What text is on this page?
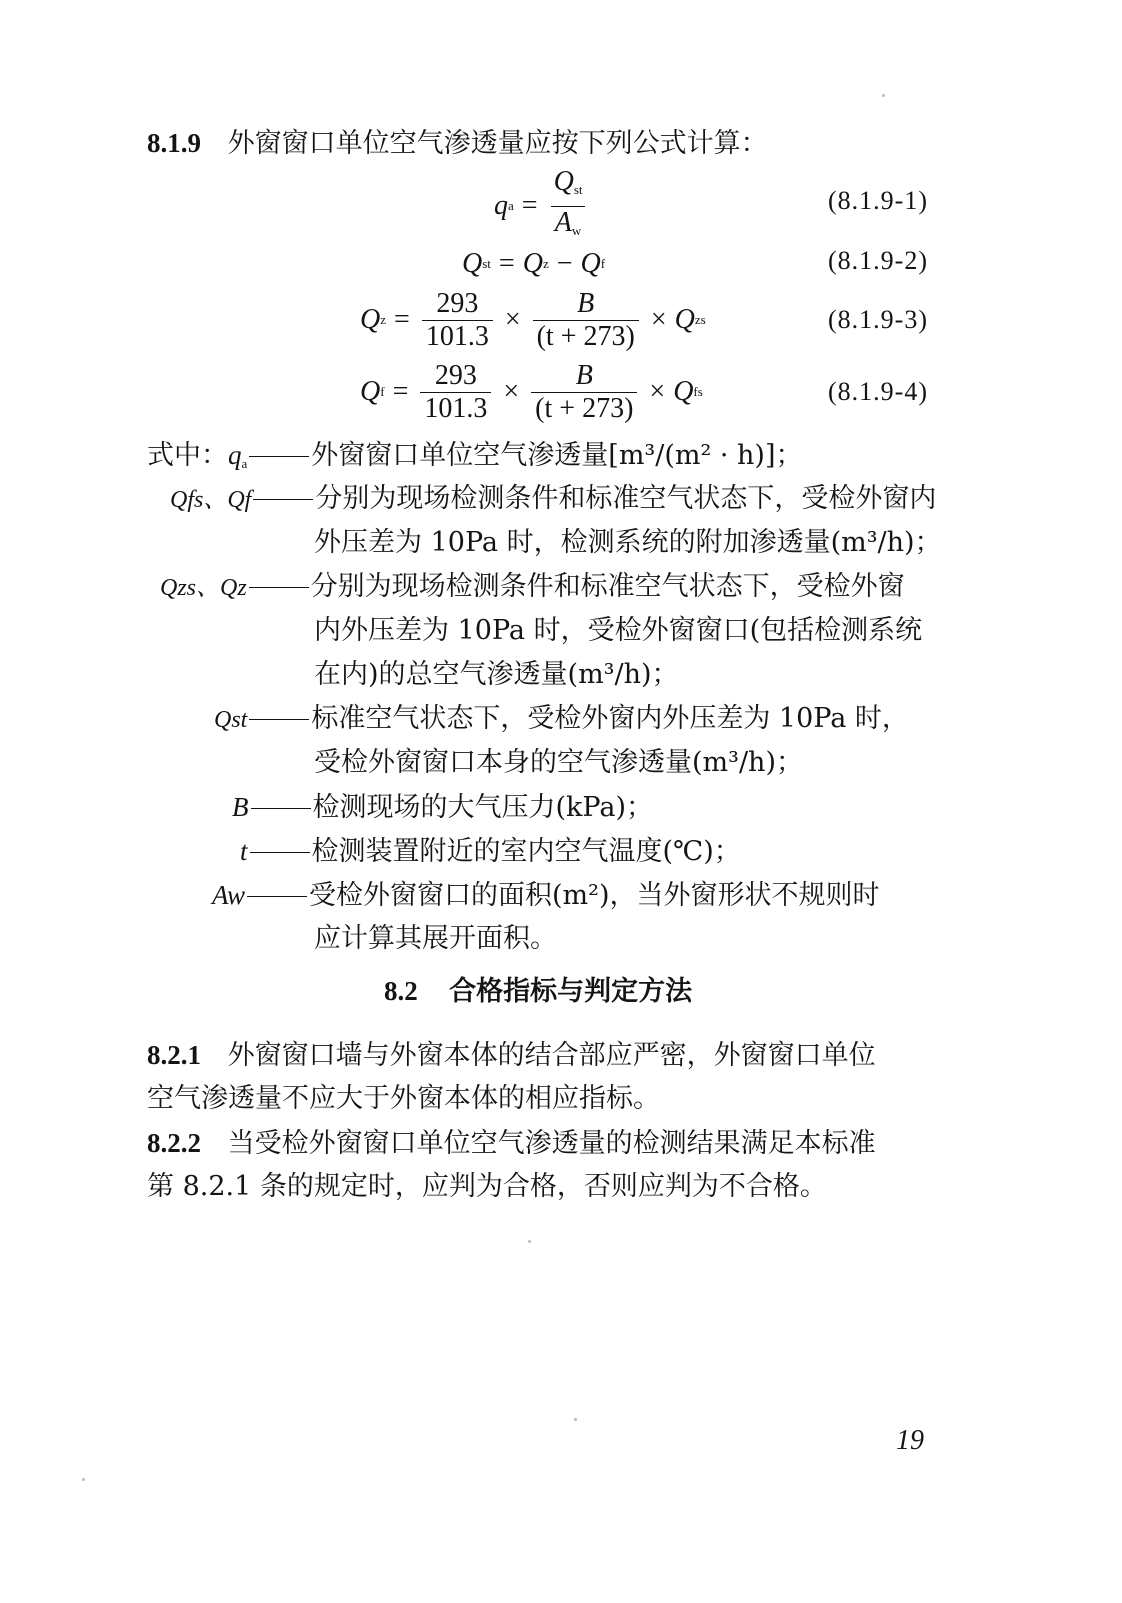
8.1.9 外窗窗口单位空气渗透量应按下列公式计算：
q $a = \frac{Q_{st}}{A_w}$	(8.1.9-1)
Q st = Q z − Q f	(8.1.9-2)
Q $z = \frac{293}{101.3} \times \frac{B}{(t + 273)} \times Q$ zs	(8.1.9-3)
Q $f = \frac{293}{101.3} \times \frac{B}{(t + 273)} \times Q$ fs	(8.1.9-4)
式中：$q_a$ 外窗窗口单位空气渗透量[m³/(m² · h)]；
Qfs、Qf 分别为现场检测条件和标准空气状态下，受检外窗内
外压差为 10Pa 时，检测系统的附加渗透量(m³/h)；
Qzs、Qz 分别为现场检测条件和标准空气状态下，受检外窗
内外压差为 10Pa 时，受检外窗窗口(包括检测系统
在内)的总空气渗透量(m³/h)；
Qst 标准空气状态下，受检外窗内外压差为 10Pa 时，
受检外窗窗口本身的空气渗透量(m³/h)；
B 检测现场的大气压力(kPa)；
t 检测装置附近的室内空气温度(℃)；
Aw 受检外窗窗口的面积(m²)，当外窗形状不规则时
应计算其展开面积。
8.2 合格指标与判定方法
8.2.1 外窗窗口墙与外窗本体的结合部应严密，外窗窗口单位
空气渗透量不应大于外窗本体的相应指标。
8.2.2 当受检外窗窗口单位空气渗透量的检测结果满足本标准
第 8.2.1 条的规定时，应判为合格，否则应判为不合格。
19
